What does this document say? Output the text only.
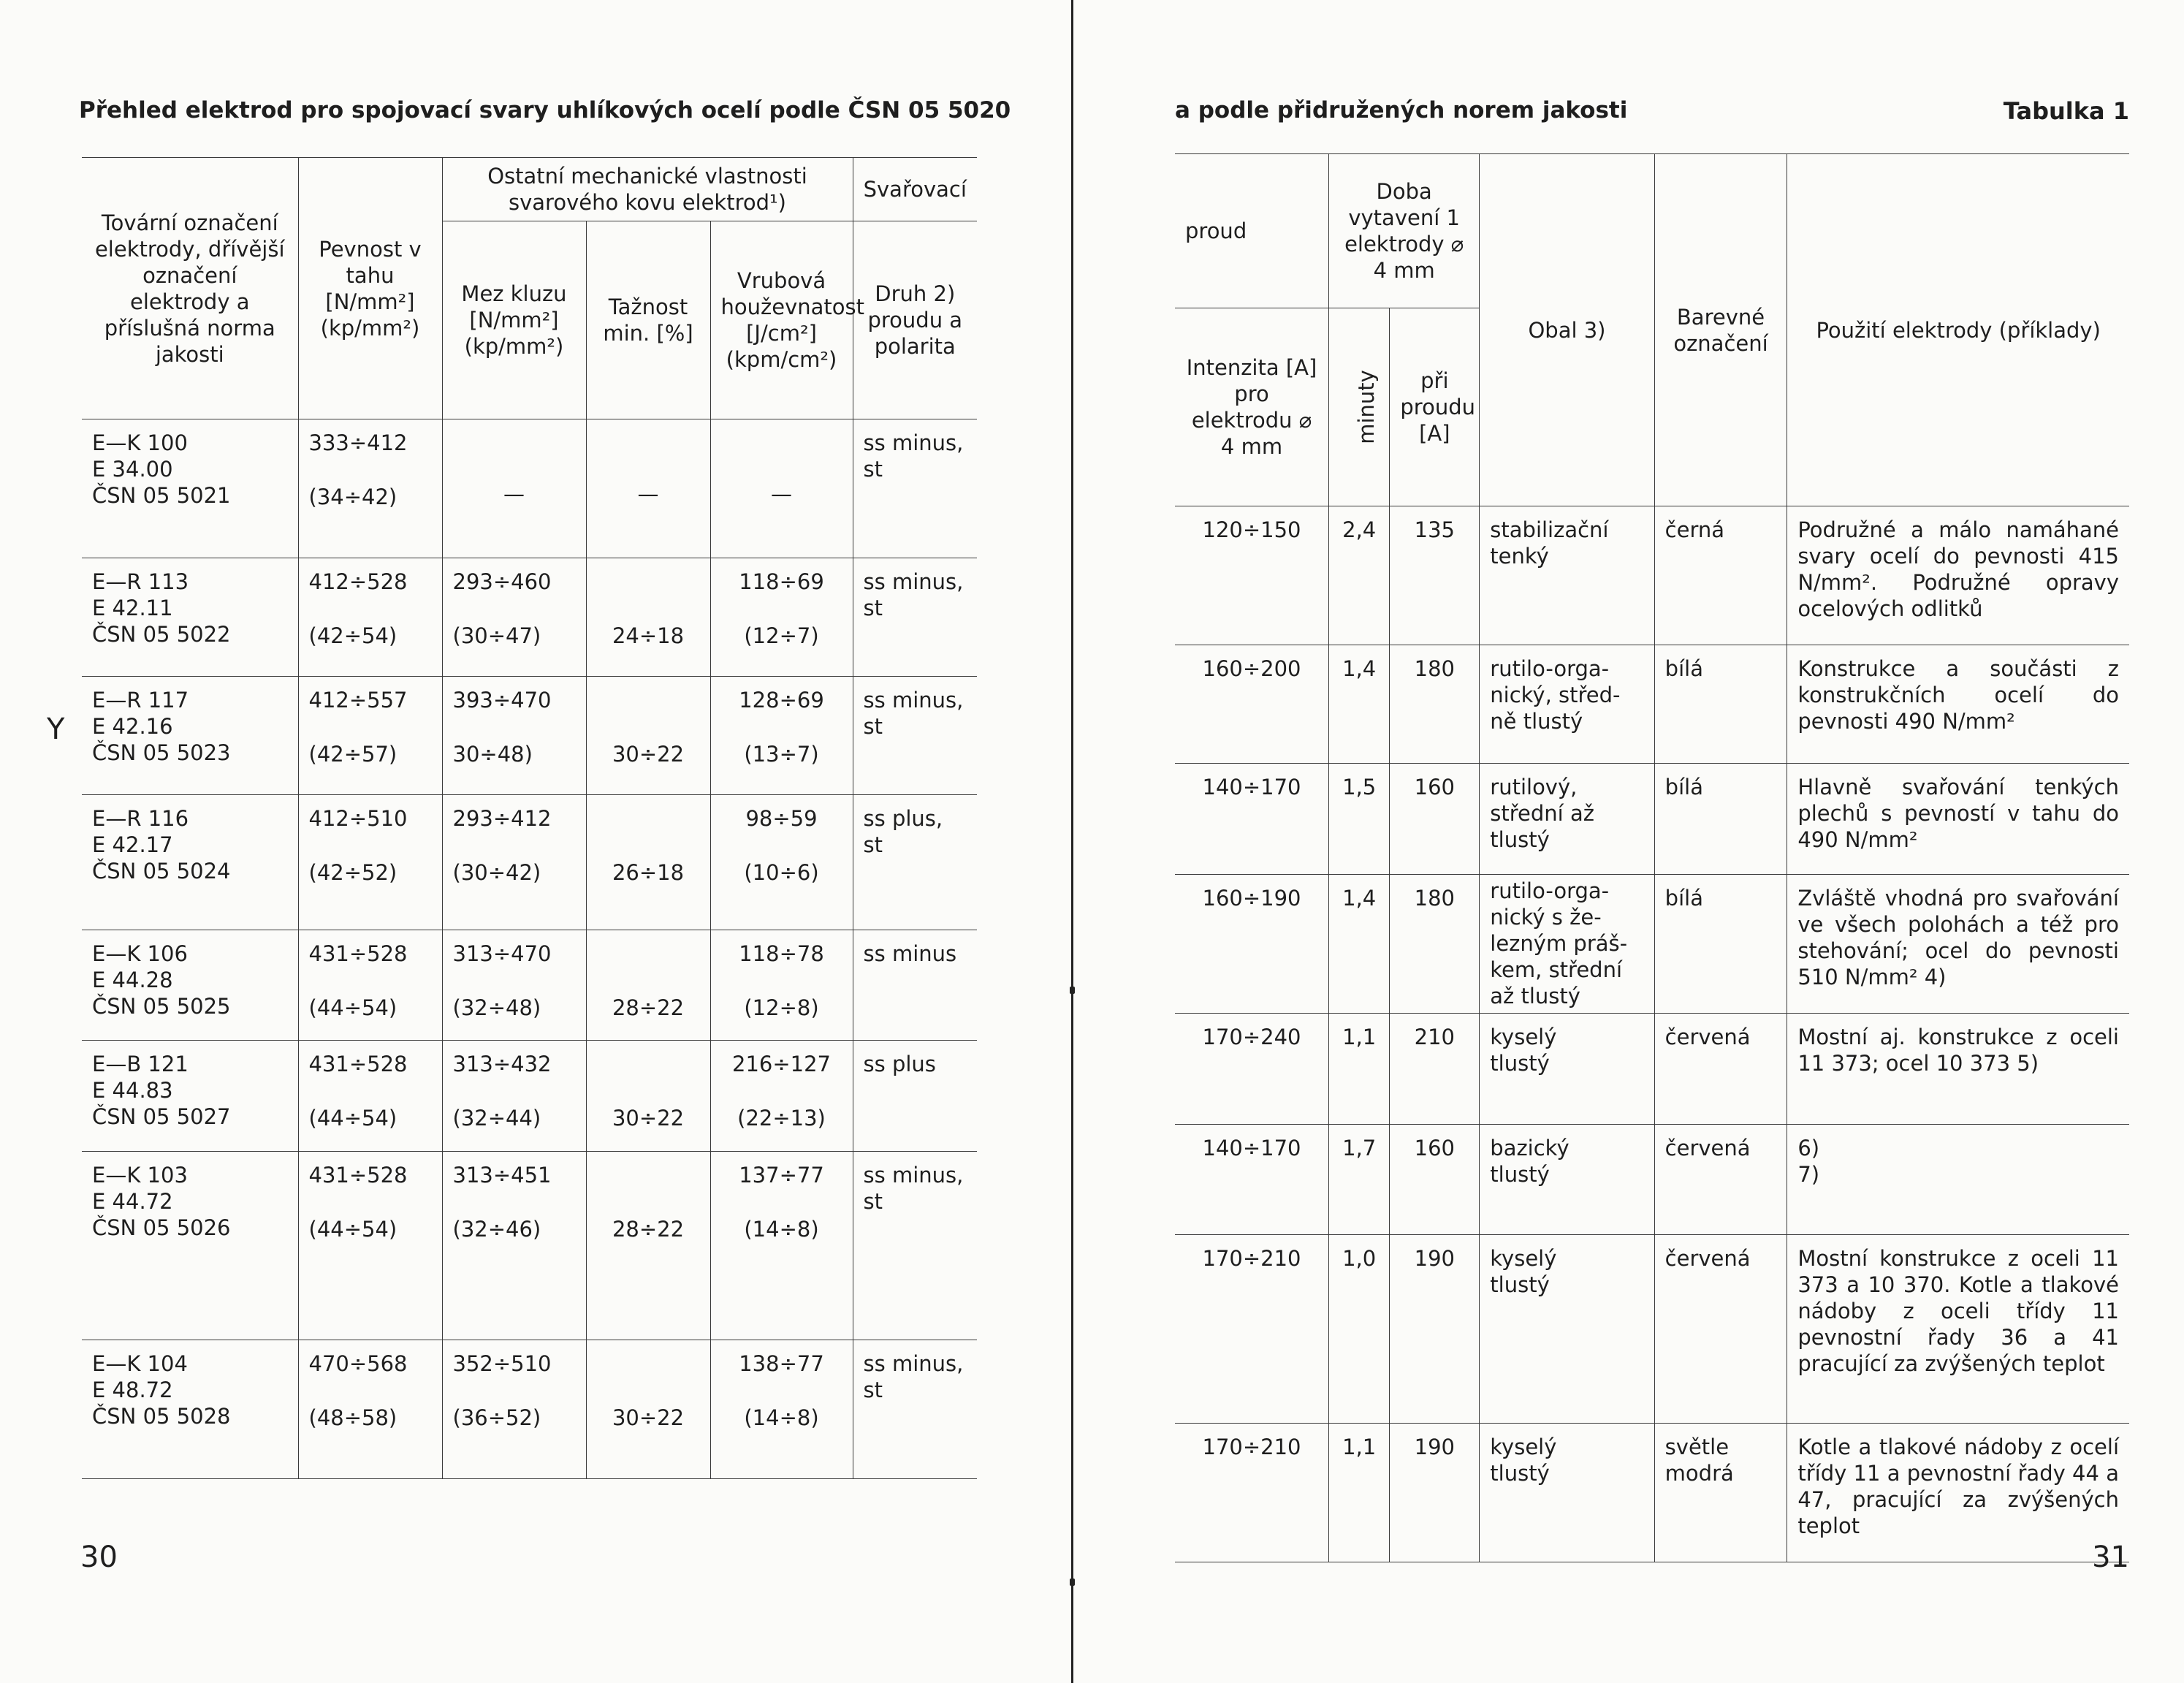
Přehled elektrod pro spojovací svary uhlíkových ocelí podle ČSN 05 5020
Tovární označení elektrody, dřívější označení elektrody a příslušná norma jakosti	Pevnost v tahu [N/mm²] (kp/mm²)	Ostatní mechanické vlastnosti svarového kovu elektrod¹)			Svařovací
		Mez kluzu [N/mm²] (kp/mm²)	Tažnost min. [%]	Vrubová houževnatost [J/cm²] (kpm/cm²)	Druh 2) proudu a polarita
E—K 100
E 34.00
ČSN 05 5021	333÷412
(34÷42)	—	—	—	ss minus,
st
E—R 113
E 42.11
ČSN 05 5022	412÷528
(42÷54)	293÷460
(30÷47)	24÷18	118÷69
(12÷7)	ss minus,
st
E—R 117
E 42.16
ČSN 05 5023	412÷557
(42÷57)	393÷470
30÷48)	30÷22	128÷69
(13÷7)	ss minus,
st
E—R 116
E 42.17
ČSN 05 5024	412÷510
(42÷52)	293÷412
(30÷42)	26÷18	98÷59
(10÷6)	ss plus,
st
E—K 106
E 44.28
ČSN 05 5025	431÷528
(44÷54)	313÷470
(32÷48)	28÷22	118÷78
(12÷8)	ss minus
E—B 121
E 44.83
ČSN 05 5027	431÷528
(44÷54)	313÷432
(32÷44)	30÷22	216÷127
(22÷13)	ss plus
E—K 103
E 44.72
ČSN 05 5026	431÷528
(44÷54)	313÷451
(32÷46)	28÷22	137÷77
(14÷8)	ss minus,
st
E—K 104
E 48.72
ČSN 05 5028	470÷568
(48÷58)	352÷510
(36÷52)	30÷22	138÷77
(14÷8)	ss minus,
st
Y
30
a podle přidružených norem jakosti	Tabulka 1
proud	Doba vytavení 1 elektrody ⌀ 4 mm		Obal 3)	Barevné označení	Použití elektrody (příklady)
Intenzita [A] pro elektrodu ⌀ 4 mm	minuty	při proudu [A]			
120÷150	2,4	135	stabilizační
tenký	černá	Podružné a málo namáhané svary ocelí do pevnosti 415 N/mm². Podružné opravy ocelových odlitků
160÷200	1,4	180	rutilo-orga-
nický, střed-
ně tlustý	bílá	Konstrukce a součásti z konstrukčních ocelí do pevnosti 490 N/mm²
140÷170	1,5	160	rutilový,
střední až
tlustý	bílá	Hlavně svařování tenkých plechů s pevností v tahu do 490 N/mm²
160÷190	1,4	180	rutilo-orga-
nický s že-
lezným práš-
kem, střední
až tlustý	bílá	Zvláště vhodná pro svařování ve všech polohách a též pro stehování; ocel do pevnosti 510 N/mm² 4)
170÷240	1,1	210	kyselý
tlustý	červená	Mostní aj. konstrukce z oceli 11 373; ocel 10 373 5)
140÷170	1,7	160	bazický
tlustý	červená	6)
7)
170÷210	1,0	190	kyselý
tlustý	červená	Mostní konstrukce z oceli 11 373 a 10 370. Kotle a tlakové nádoby z oceli třídy 11 pevnostní řady 36 a 41 pracující za zvýšených teplot
170÷210	1,1	190	kyselý
tlustý	světle
modrá	Kotle a tlakové nádoby z ocelí třídy 11 a pevnostní řady 44 a 47, pracující za zvýšených teplot
31
